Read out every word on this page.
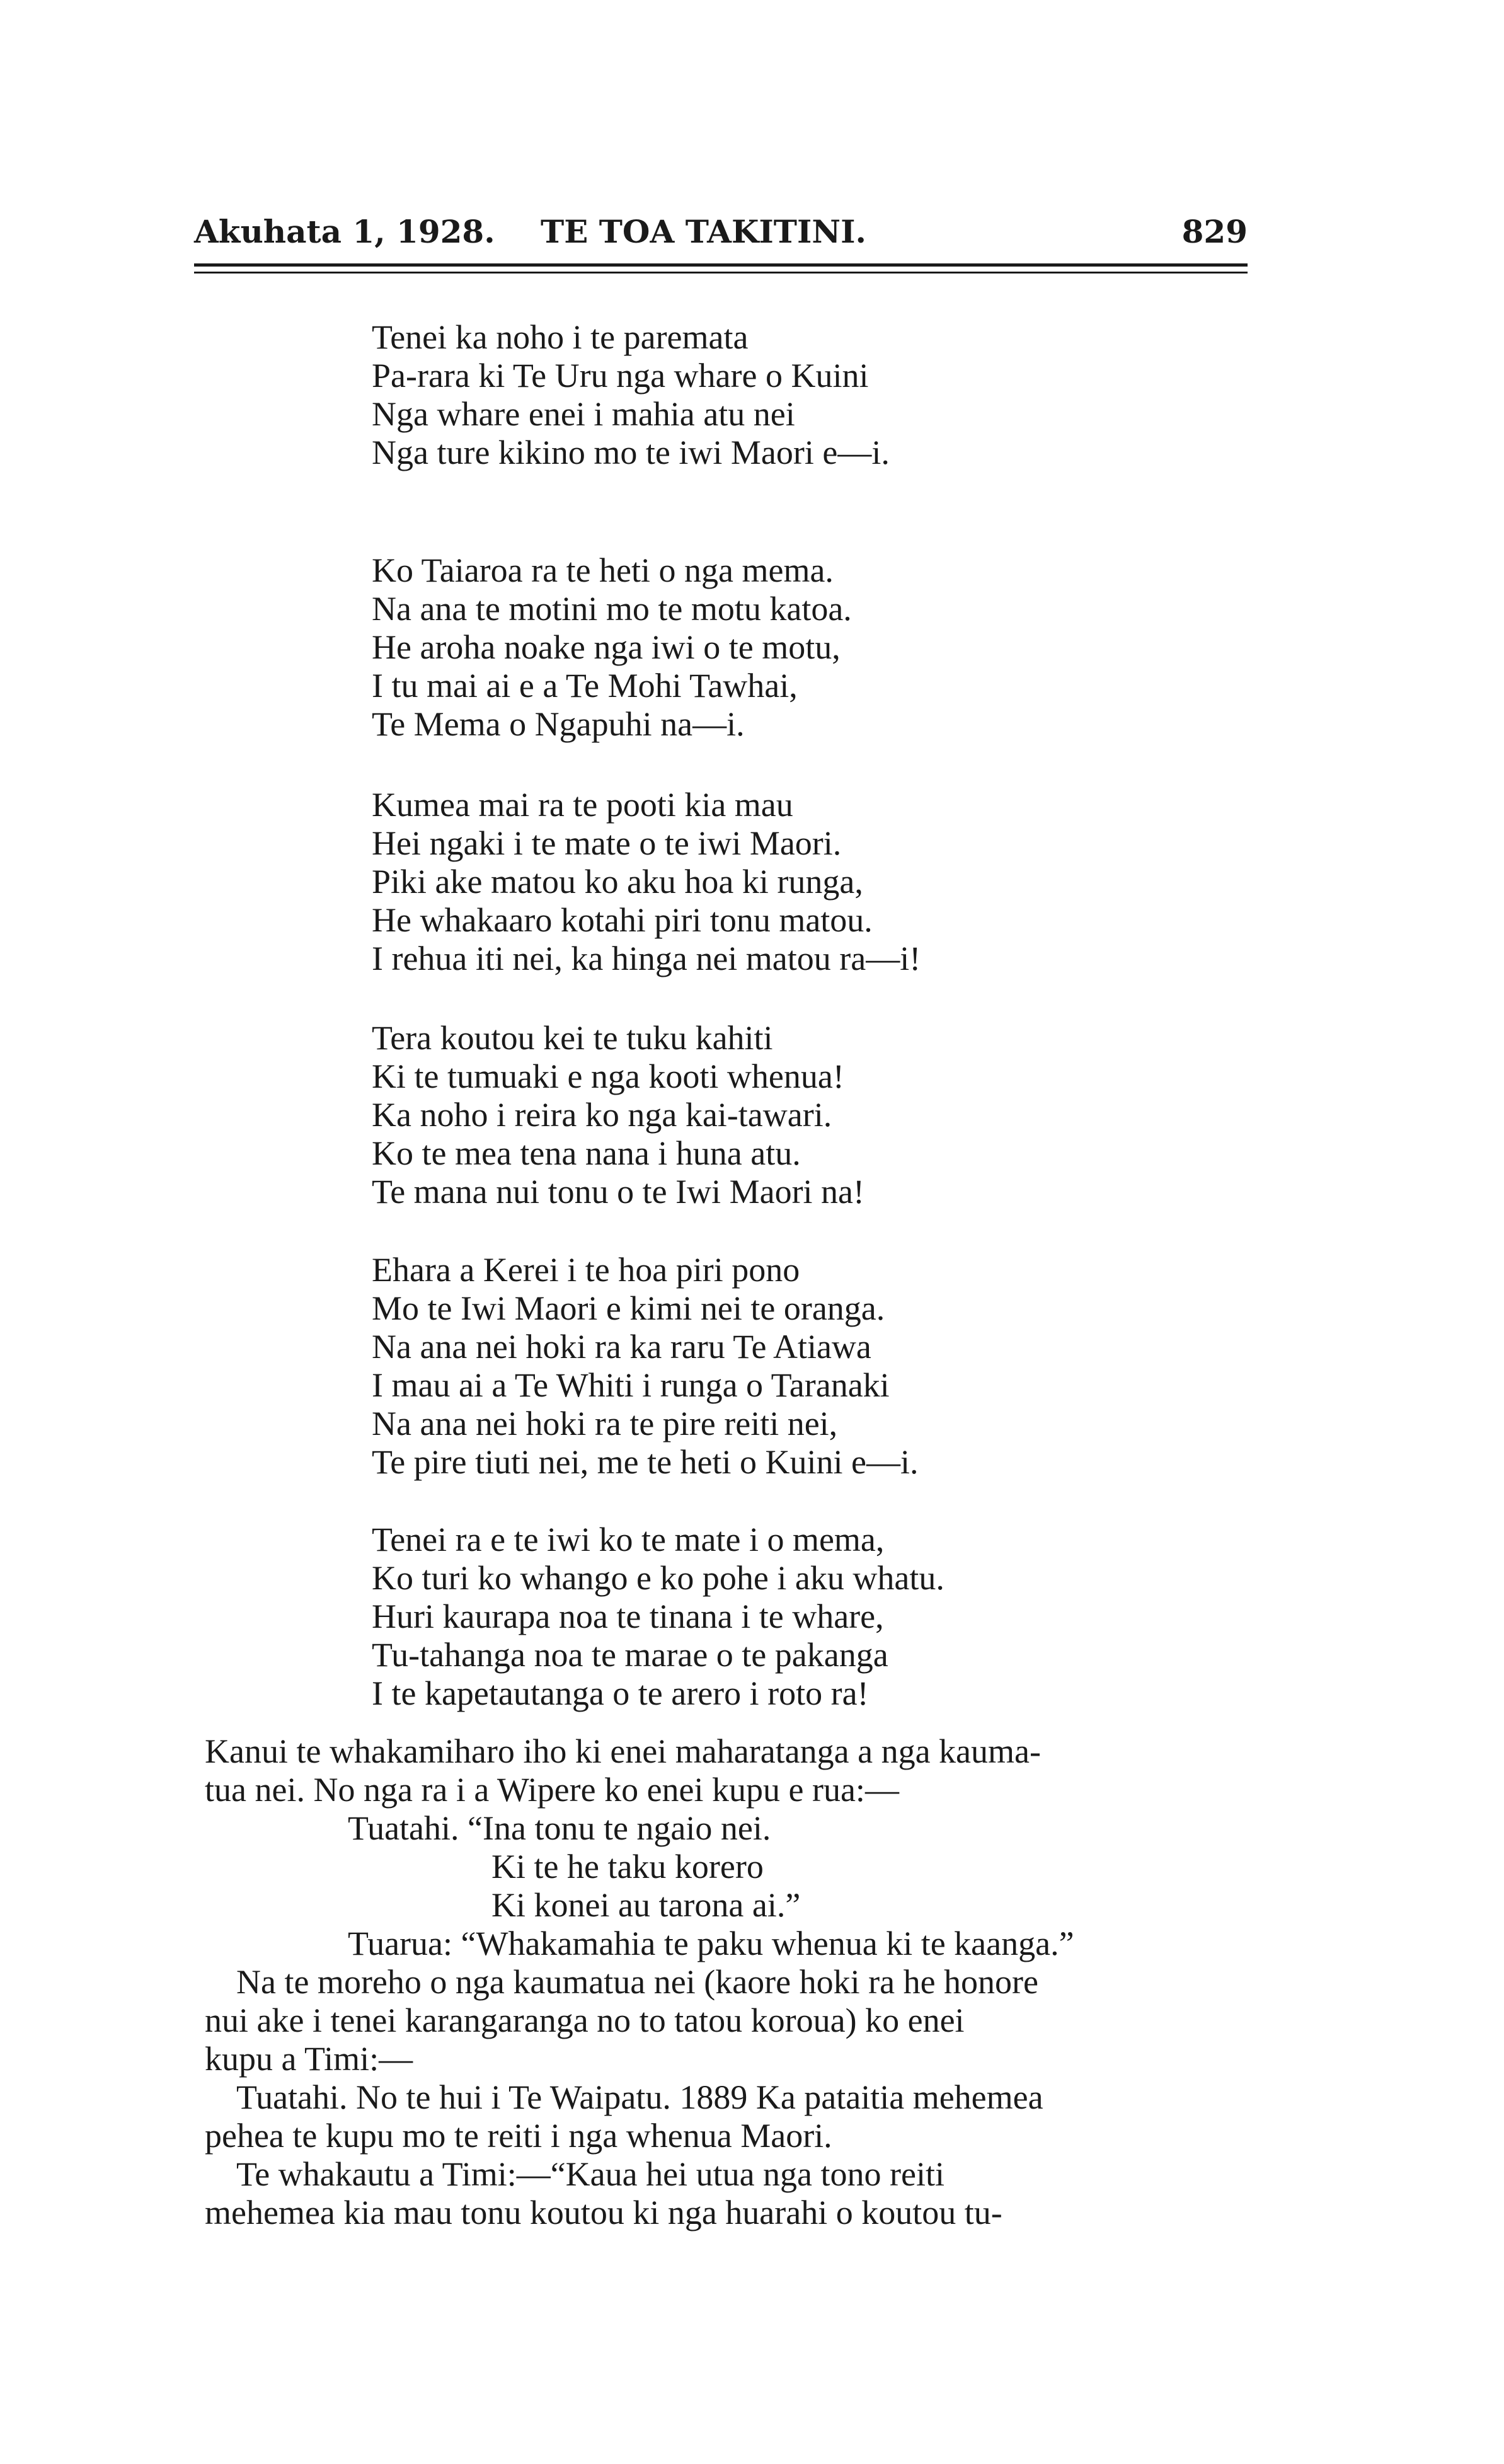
Akuhata 1, 1928. TE TOA TAKITINI.	829
Tenei ka noho i te paremata
Pa-rara ki Te Uru nga whare o Kuini
Nga whare enei i mahia atu nei
Nga ture kikino mo te iwi Maori e—i.
Ko Taiaroa ra te heti o nga mema.
Na ana te motini mo te motu katoa.
He aroha noake nga iwi o te motu,
I tu mai ai e a Te Mohi Tawhai,
Te Mema o Ngapuhi na—i.
Kumea mai ra te pooti kia mau
Hei ngaki i te mate o te iwi Maori.
Piki ake matou ko aku hoa ki runga,
He whakaaro kotahi piri tonu matou.
I rehua iti nei, ka hinga nei matou ra—i!
Tera koutou kei te tuku kahiti
Ki te tumuaki e nga kooti whenua!
Ka noho i reira ko nga kai-tawari.
Ko te mea tena nana i huna atu.
Te mana nui tonu o te Iwi Maori na!
Ehara a Kerei i te hoa piri pono
Mo te Iwi Maori e kimi nei te oranga.
Na ana nei hoki ra ka raru Te Atiawa
I mau ai a Te Whiti i runga o Taranaki
Na ana nei hoki ra te pire reiti nei,
Te pire tiuti nei, me te heti o Kuini e—i.
Tenei ra e te iwi ko te mate i o mema,
Ko turi ko whango e ko pohe i aku whatu.
Huri kaurapa noa te tinana i te whare,
Tu-tahanga noa te marae o te pakanga
I te kapetautanga o te arero i roto ra!
Kanui te whakamiharo iho ki enei maharatanga a nga kauma-
tua nei. No nga ra i a Wipere ko enei kupu e rua:—
Tuatahi. “Ina tonu te ngaio nei.
Ki te he taku korero
Ki konei au tarona ai.”
Tuarua: “Whakamahia te paku whenua ki te kaanga.”
Na te moreho o nga kaumatua nei (kaore hoki ra he honore
nui ake i tenei karangaranga no to tatou koroua) ko enei
kupu a Timi:—
Tuatahi. No te hui i Te Waipatu. 1889 Ka pataitia mehemea
pehea te kupu mo te reiti i nga whenua Maori.
Te whakautu a Timi:—“Kaua hei utua nga tono reiti
mehemea kia mau tonu koutou ki nga huarahi o koutou tu-
